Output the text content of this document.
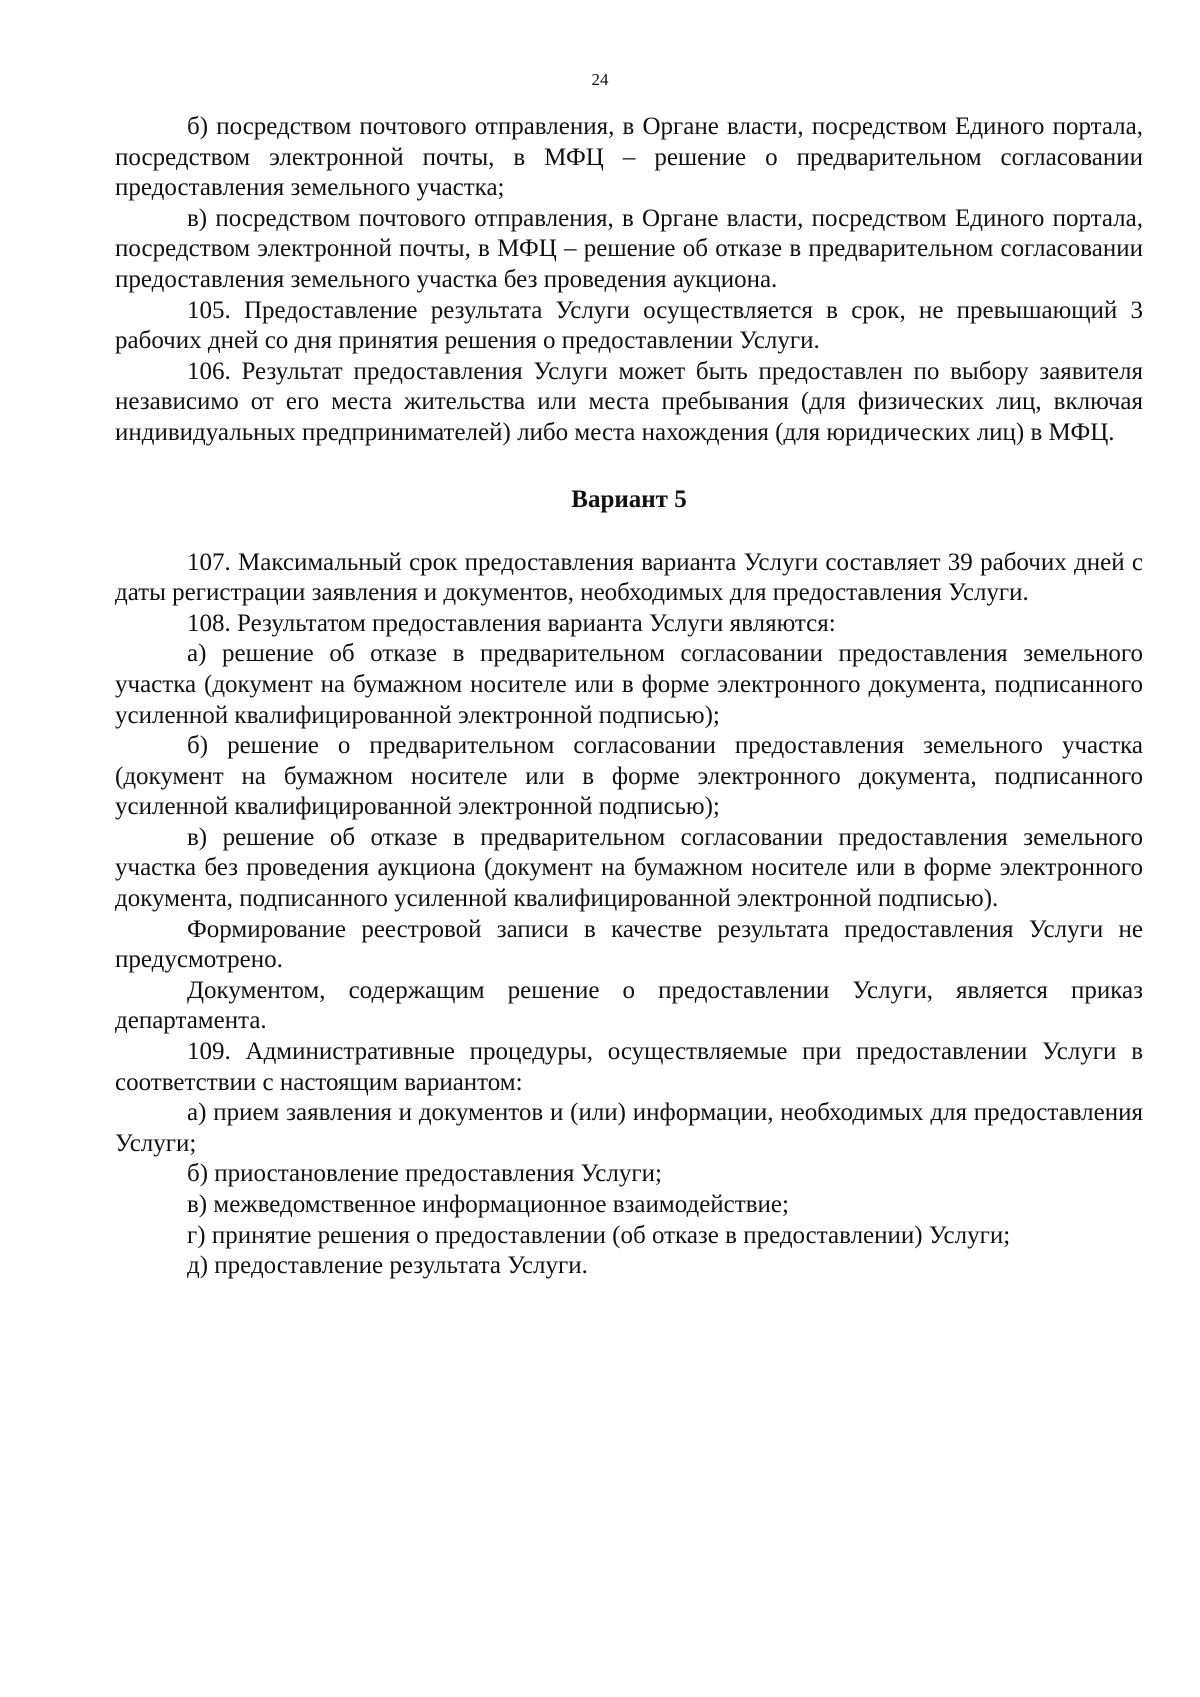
24

б) посредством почтового отправления, в Органе власти, посредством Единого портала, посредством электронной почты, в МФЦ – решение о предварительном согласовании предоставления земельного участка;

в) посредством почтового отправления, в Органе власти, посредством Единого портала, посредством электронной почты, в МФЦ – решение об отказе в предварительном согласовании предоставления земельного участка без проведения аукциона.

105. Предоставление результата Услуги осуществляется в срок, не превышающий 3 рабочих дней со дня принятия решения о предоставлении Услуги.

106. Результат предоставления Услуги может быть предоставлен по выбору заявителя независимо от его места жительства или места пребывания (для физических лиц, включая индивидуальных предпринимателей) либо места нахождения (для юридических лиц) в МФЦ.

Вариант 5

107. Максимальный срок предоставления варианта Услуги составляет 39 рабочих дней с даты регистрации заявления и документов, необходимых для предоставления Услуги.

108. Результатом предоставления варианта Услуги являются:

а) решение об отказе в предварительном согласовании предоставления земельного участка (документ на бумажном носителе или в форме электронного документа, подписанного усиленной квалифицированной электронной подписью);

б) решение о предварительном согласовании предоставления земельного участка (документ на бумажном носителе или в форме электронного документа, подписанного усиленной квалифицированной электронной подписью);

в) решение об отказе в предварительном согласовании предоставления земельного участка без проведения аукциона (документ на бумажном носителе или в форме электронного документа, подписанного усиленной квалифицированной электронной подписью).

Формирование реестровой записи в качестве результата предоставления Услуги не предусмотрено.

Документом, содержащим решение о предоставлении Услуги, является приказ департамента.

109. Административные процедуры, осуществляемые при предоставлении Услуги в соответствии с настоящим вариантом:

а) прием заявления и документов и (или) информации, необходимых для предоставления Услуги;

б) приостановление предоставления Услуги;

в) межведомственное информационное взаимодействие;

г) принятие решения о предоставлении (об отказе в предоставлении) Услуги;

д) предоставление результата Услуги.
